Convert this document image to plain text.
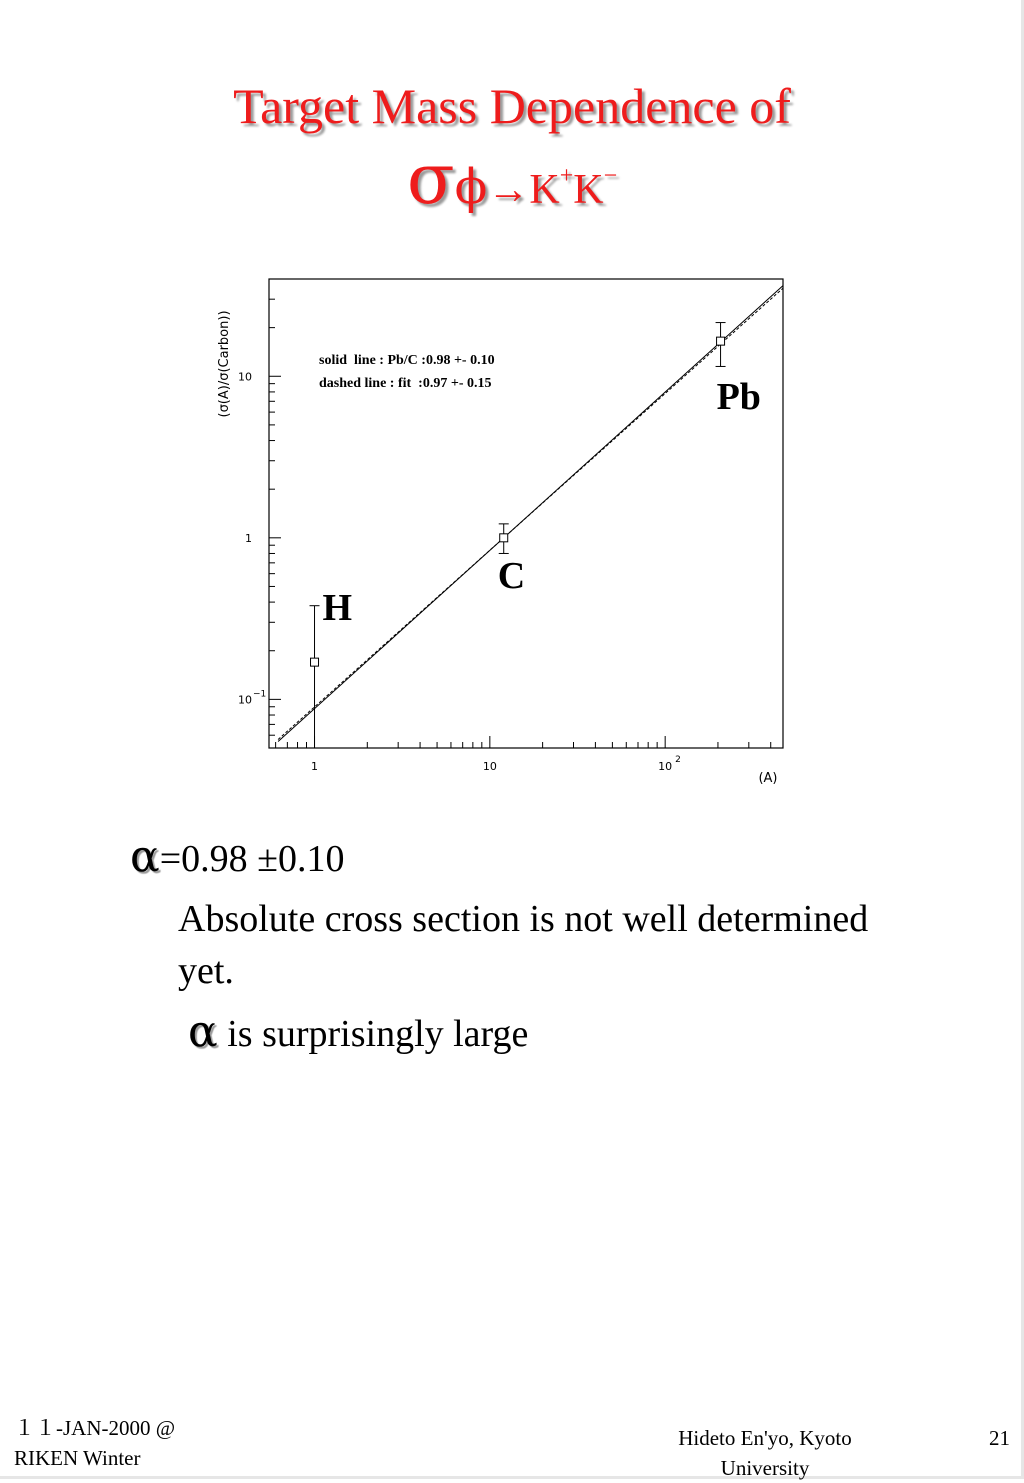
Target Mass Dependence of
σϕ→K+K−
H
C
Pb
1	10	10 2
10 −1
1
10
(σ(A)/σ(Carbon))
(A)
solid  line : Pb/C :0.98 +- 0.10
dashed line : fit  :0.97 +- 0.15
α=0.98 ±0.10
Absolute cross section is not well determined yet.
α is surprisingly large
１１-JAN-2000 @
RIKEN Winter
Hideto En'yo, Kyoto
University
21
